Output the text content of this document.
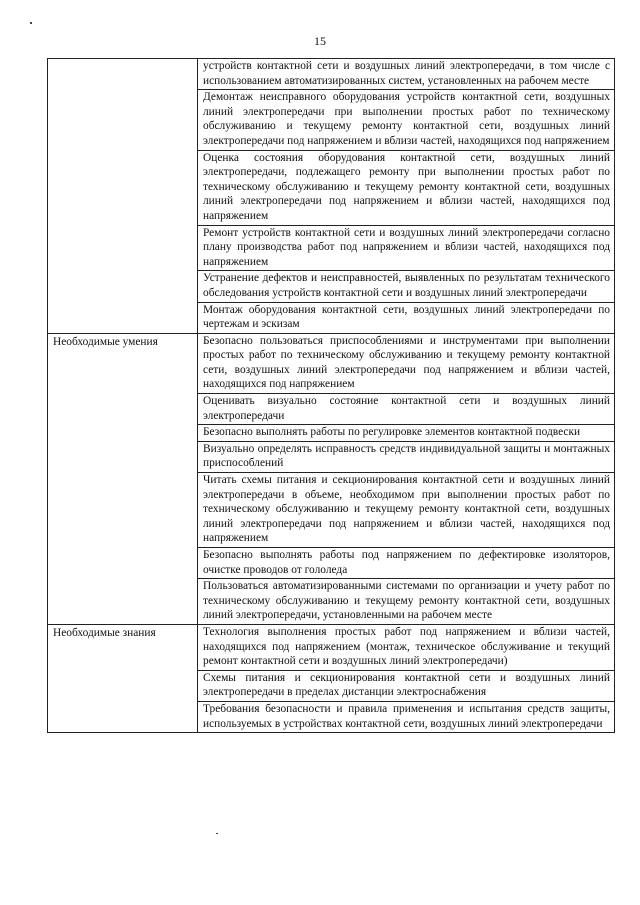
15
	устройств контактной сети и воздушных линий электропередачи, в том числе с использованием автоматизированных систем, установленных на рабочем месте
	Демонтаж неисправного оборудования устройств контактной сети, воздушных линий электропередачи при выполнении простых работ по техническому обслуживанию и текущему ремонту контактной сети, воздушных линий электропередачи под напряжением и вблизи частей, находящихся под напряжением
	Оценка состояния оборудования контактной сети, воздушных линий электропередачи, подлежащего ремонту при выполнении простых работ по техническому обслуживанию и текущему ремонту контактной сети, воздушных линий электропередачи под напряжением и вблизи частей, находящихся под напряжением
	Ремонт устройств контактной сети и воздушных линий электропередачи согласно плану производства работ под напряжением и вблизи частей, находящихся под напряжением
	Устранение дефектов и неисправностей, выявленных по результатам технического обследования устройств контактной сети и воздушных линий электропередачи
	Монтаж оборудования контактной сети, воздушных линий электропередачи по чертежам и эскизам
Необходимые умения	Безопасно пользоваться приспособлениями и инструментами при выполнении простых работ по техническому обслуживанию и текущему ремонту контактной сети, воздушных линий электропередачи под напряжением и вблизи частей, находящихся под напряжением
	Оценивать визуально состояние контактной сети и воздушных линий электропередачи
	Безопасно выполнять работы по регулировке элементов контактной подвески
	Визуально определять исправность средств индивидуальной защиты и монтажных приспособлений
	Читать схемы питания и секционирования контактной сети и воздушных линий электропередачи в объеме, необходимом при выполнении простых работ по техническому обслуживанию и текущему ремонту контактной сети, воздушных линий электропередачи под напряжением и вблизи частей, находящихся под напряжением
	Безопасно выполнять работы под напряжением по дефектировке изоляторов, очистке проводов от гололеда
	Пользоваться автоматизированными системами по организации и учету работ по техническому обслуживанию и текущему ремонту контактной сети, воздушных линий электропередачи, установленными на рабочем месте
Необходимые знания	Технология выполнения простых работ под напряжением и вблизи частей, находящихся под напряжением (монтаж, техническое обслуживание и текущий ремонт контактной сети и воздушных линий электропередачи)
	Схемы питания и секционирования контактной сети и воздушных линий электропередачи в пределах дистанции электроснабжения
	Требования безопасности и правила применения и испытания средств защиты, используемых в устройствах контактной сети, воздушных линий электропередачи
